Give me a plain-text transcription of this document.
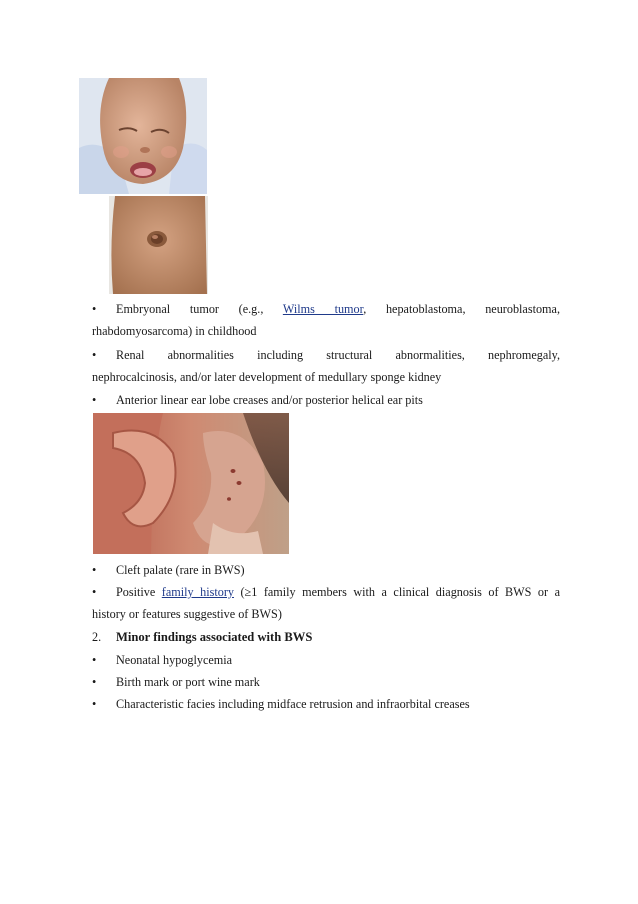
• Embryonal tumor (e.g., Wilms tumor, hepatoblastoma, neuroblastoma,
rhabdomyosarcoma) in childhood

• Renal abnormalities including structural abnormalities, nephromegaly,
nephrocalcinosis, and/or later development of medullary sponge kidney

• Anterior linear ear lobe creases and/or posterior helical ear pits

• Cleft palate (rare in BWS)

• Positive family history (≥1 family members with a clinical diagnosis of BWS or a
history or features suggestive of BWS)

2. Minor findings associated with BWS

• Neonatal hypoglycemia

• Birth mark or port wine mark

• Characteristic facies including midface retrusion and infraorbital creases
